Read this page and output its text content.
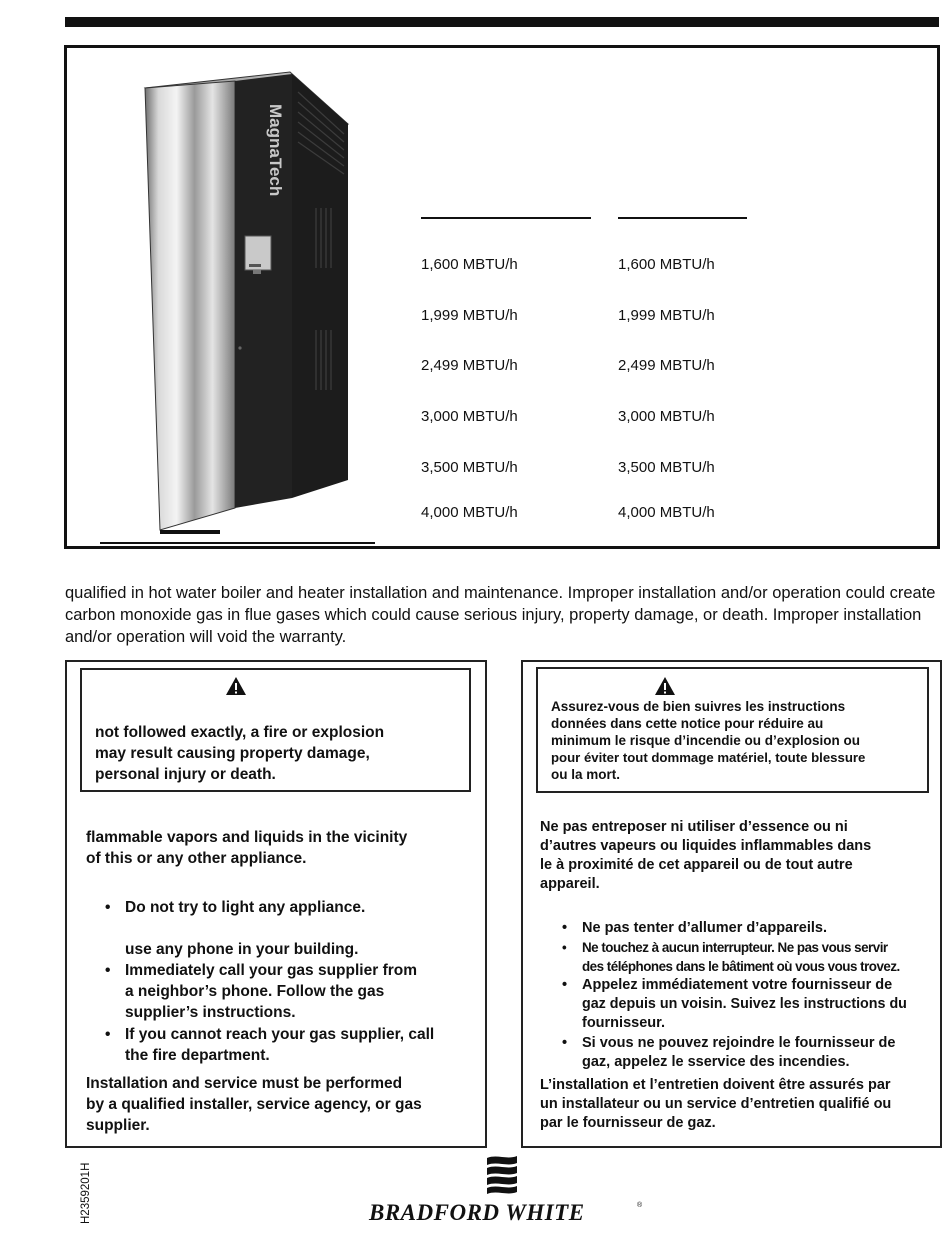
MagnaTech
1,600 MBTU/h	1,600 MBTU/h
1,999 MBTU/h	1,999 MBTU/h
2,499 MBTU/h	2,499 MBTU/h
3,000 MBTU/h	3,000 MBTU/h
3,500 MBTU/h	3,500 MBTU/h
4,000 MBTU/h	4,000 MBTU/h
qualified in hot water boiler and heater installation and maintenance. Improper installation and/or operation could create carbon monoxide gas in flue gases which could cause serious injury, property damage, or death. Improper installation and/or operation will void the warranty.
not followed exactly, a fire or explosion
may result causing property damage,
personal injury or death.
flammable vapors and liquids in the vicinity
of this or any other appliance.
• Do not try to light any appliance.
use any phone in your building.
• Immediately call your gas supplier from
a neighbor’s phone. Follow the gas
supplier’s instructions.
• If you cannot reach your gas supplier, call
the fire department.
Installation and service must be performed
by a qualified installer, service agency, or gas
supplier.
Assurez-vous de bien suivres les instructions
données dans cette notice pour réduire au
minimum le risque d’incendie ou d’explosion ou
pour éviter tout dommage matériel, toute blessure
ou la mort.
Ne pas entreposer ni utiliser d’essence ou ni
d’autres vapeurs ou liquides inflammables dans
le à proximité de cet appareil ou de tout autre
appareil.
• Ne pas tenter d’allumer d’appareils.
• Ne touchez à aucun interrupteur. Ne pas vous servir
des téléphones dans le bâtiment où vous vous trovez.
• Appelez immédiatement votre fournisseur de
gaz depuis un voisin. Suivez les instructions du
fournisseur.
• Si vous ne pouvez rejoindre le fournisseur de
gaz, appelez le sservice des incendies.
L’installation et l’entretien doivent être assurés par
un installateur ou un service d’entretien qualifié ou
par le fournisseur de gaz.
H2359201H	BRADFORD WHITE	®
